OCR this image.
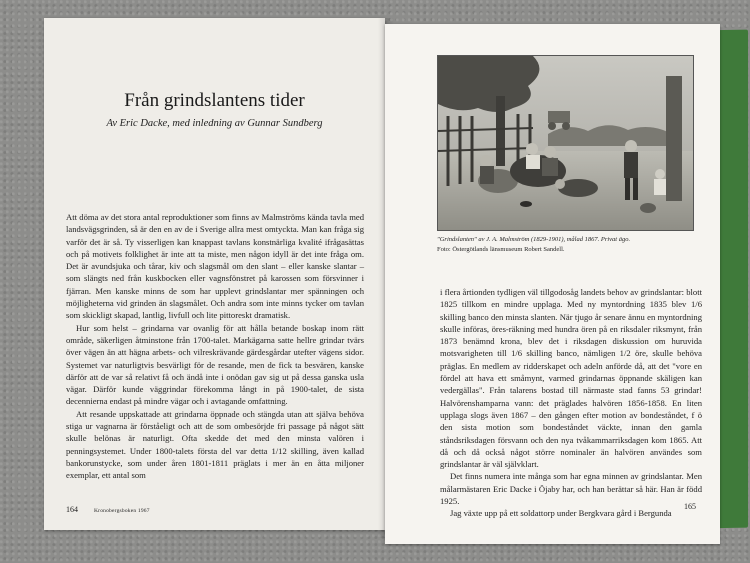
Från grindslantens tider

Av Eric Dacke, med inledning av Gunnar Sundberg

Att döma av det stora antal reproduktioner som finns av Malmströms kända tavla med landsvägsgrinden, så är den en av de i Sverige allra mest omtyckta. Man kan fråga sig varför det är så. Ty visserligen kan knappast tavlans konstnärliga kvalité ifrågasättas och på motivets folklighet är inte att ta miste, men någon idyll är det inte fråga om. Det är avundsjuka och tårar, kiv och slagsmål om den slant – eller kanske slantar – som slängts ned från kuskbocken eller vagnsfönstret på karossen som försvinner i fjärran. Men kanske minns de som har upplevt grindslantar mer spänningen och möjligheterna vid grinden än slagsmålet. Och andra som inte minns tycker om tavlan som skickligt skapad, lantlig, livfull och lite pittoreskt dramatisk.

Hur som helst – grindarna var ovanlig för att hålla betande boskap inom rätt område, säkerligen åtminstone från 1700-talet. Markägarna satte hellre grindar tvärs över vägen än att hägna arbets- och vilreskrävande gärdesgårdar utefter vägens sidor. Systemet var naturligtvis besvärligt för de resande, men de fick ta besvären, kanske därför att de var så relativt få och ändå inte i onödan gav sig ut på dessa ganska usla vägar. Därför kunde väggrindar förekomma långt in på 1900-talet, de sista decennierna endast på mindre vägar och i avtagande omfattning.

Att resande uppskattade att grindarna öppnade och stängda utan att själva behöva stiga ur vagnarna är förståeligt och att de som ombesörjde fri passage på något sätt skulle belönas är naturligt. Ofta skedde det med den minsta valören i penningsystemet. Under 1800-talets första del var detta 1/12 skilling, även kallad bankorunstycke, som under åren 1801-1811 präglats i mer än en åtta miljoner exemplar, ett antal som

164	Kronobergsboken 1967
"Grindslanten" av J. A. Malmström (1829-1901), målad 1867. Privat ägo.
Foto: Östergötlands länsmuseum Robert Sandell.

i flera årtionden tydligen väl tillgodosåg landets behov av grindslantar: blott 1825 tillkom en mindre upplaga. Med ny myntordning 1835 blev 1/6 skilling banco den minsta slanten. När tjugo år senare ännu en myntordning skulle införas, öres-räkning med hundra ören på en riksdaler riksmynt, från 1873 benämnd krona, blev det i riksdagen diskussion om huruvida motsvarigheten till 1/6 skilling banco, nämligen 1/2 öre, skulle behöva präglas. En medlem av ridderskapet och adeln anförde då, att det "vore en fördel att hava ett småmynt, varmed grindarnas öppnande skäligen kan vedergällas". Från talarens bostad till närmaste stad fanns 53 grindar! Halvörenshamparna vann: det präglades halvören 1856-1858. En liten upplaga slogs även 1867 – den gången efter motion av bondeståndet, f ö den sista motion som bondeståndet väckte, innan den gamla ståndsriksdagen försvann och den nya tvåkammarriksdagen kom 1865. Att då och då också något större nominaler än halvören användes som grindslantar är väl självklart.

Det finns numera inte många som har egna minnen av grindslantar. Men målarmästaren Eric Dacke i Öjaby har, och han berättar så här. Han är född 1925.

Jag växte upp på ett soldattorp under Bergkvara gård i Bergunda

165
